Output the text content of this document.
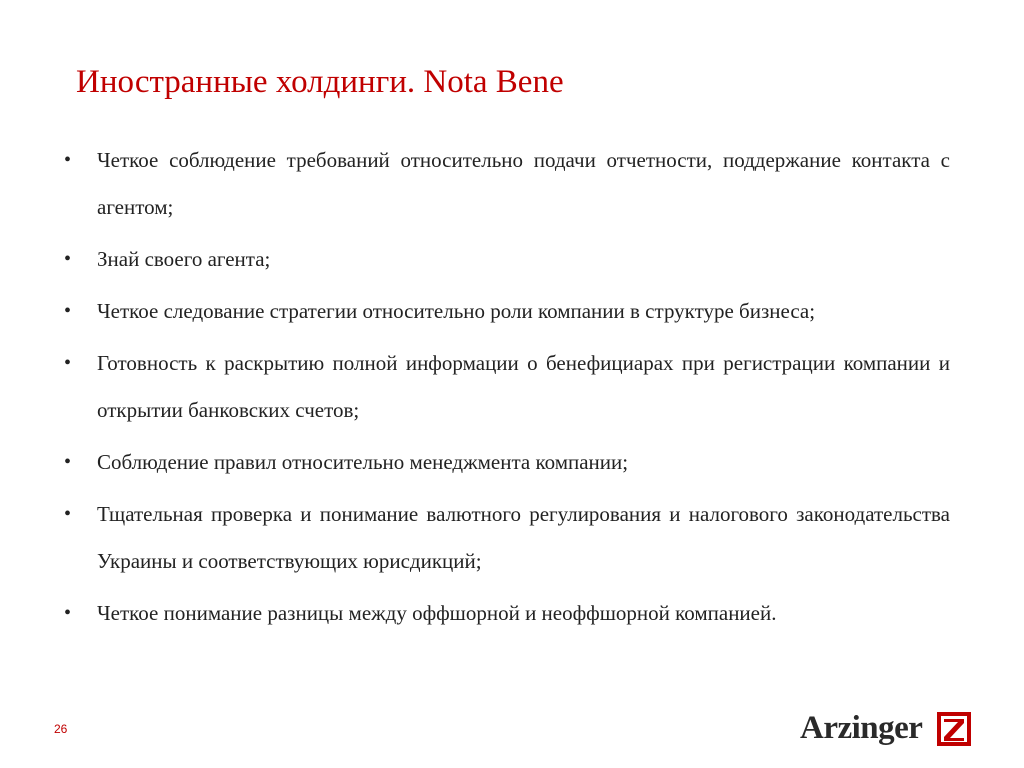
Иностранные холдинги. Nota Bene
•	Четкое соблюдение требований относительно подачи отчетности, поддержание контакта с агентом;
•	Знай своего агента;
•	Четкое следование стратегии относительно роли компании в структуре бизнеса;
•	Готовность к раскрытию полной информации о бенефициарах при регистрации компании и открытии банковских счетов;
•	Соблюдение правил относительно менеджмента компании;
•	Тщательная проверка и понимание валютного регулирования и налогового законодательства Украины и соответствующих юрисдикций;
•	Четкое понимание разницы между оффшорной и неоффшорной компанией.
26	Arzinger
